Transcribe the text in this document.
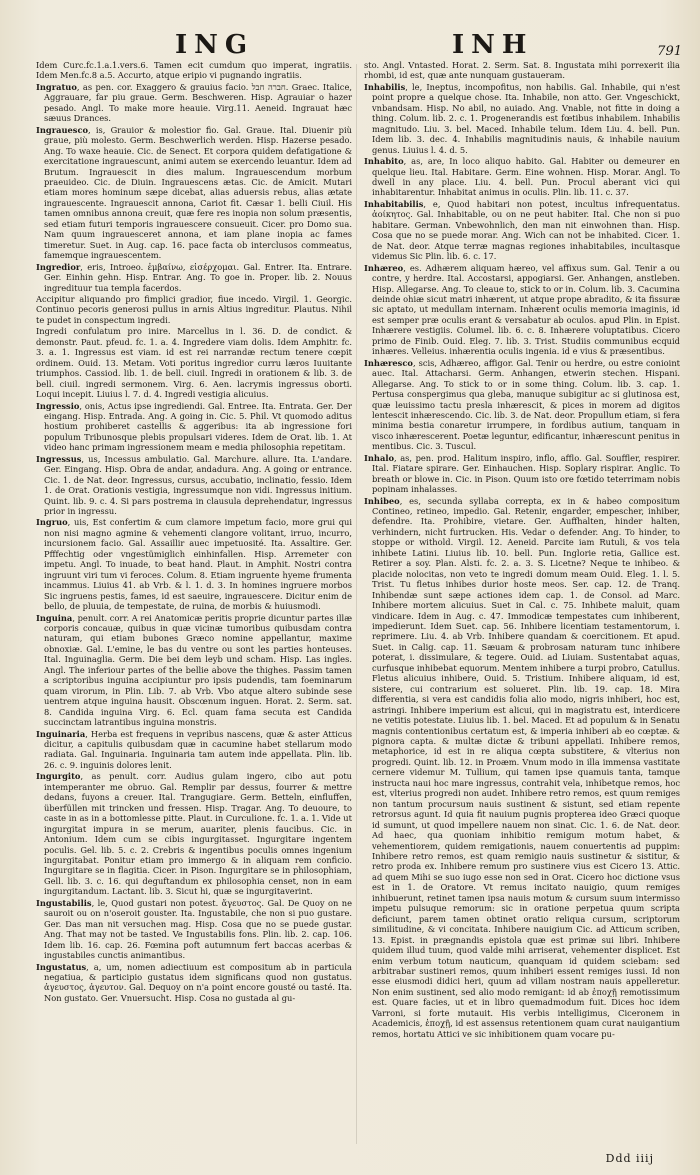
ING	INH	791

Idem Curc.fc.1.a.1.vers.6. Tamen ecit cumdum quo imperat, ingratiis. Idem Men.fc.8 a.5. Accurto, atque eripio vi pugnando ingratiis.

Ingratuo, as pen. cor. Exaggero & grauius facio. חברה חבל. Graec. Italice, Aggrauare, far piu graue. Germ. Beschweren. Hisp. Agrauiar o hazer pesado. Angl. To make more heauie. Virg.11. Aeneid. Ingrauat hæc sæuus Drances.

Ingrauesco, is, Grauior & molestior fio. Gal. Graue. Ital. Diuenir più graue, più molesto. Germ. Beschwerlich werden. Hisp. Hazerse pesado. Ang. To waxe heauie. Cic. de Senect. Et corpora quidem defatigatione & exercitatione ingrauescunt, animi autem se exercendo leuantur. Idem ad Brutum. Ingrauescit in dies malum. Ingrauescendum morbum praeuideo. Cic. de Diuin. Ingrauescens ætas. Cic. de Amicit. Mutari etiam mores hominum sæpe dicebat, alias aduersis rebus, alias ætate ingrauescente. Ingrauescit annona, Cariot fit. Cæsar 1. belli Ciuil. His tamen omnibus annona creuit, quæ fere res inopia non solum præsentis, sed etiam futuri temporis ingrauescere consueuit. Cicer. pro Domo sua. Nam quum ingrauesceret annona, et iam plane inopia ac fames timeretur. Suet. in Aug. cap. 16. pace facta ob interclusos commeatus, famemque ingrauescentem.

Ingredior, eris, Introeo. ἐμβαίνω, εἰσέρχομαι. Gal. Entrer. Ita. Entrare. Ger. Einhin gehn. Hisp. Entrar. Ang. To goe in. Proper. lib. 2. Nouus ingredituur tua templa facerdos.

Accipitur aliquando pro fimplici gradior, fiue incedo. Virgil. 1. Georgic. Continuo pecoris generosi pullus in arnis Altius ingreditur. Plautus. Nihil te pudet in conspectum ingredi.

Ingredi confulatum pro inire. Marcellus in l. 36. D. de condict. & demonstr. Paut. pfeud. fc. 1. a. 4. Ingredere viam dolis. Idem Amphitr. fc. 3. a. 1. Ingressus est viam. id est rei narrandæ rectum tenere cœpit ordinem. Ouid. 13. Metam. Voti poritus ingredior curru læros Iuuitante triumphos. Cassiod. lib. 1. de bell. ciuil. Ingredi in orationem & lib. 3. de bell. ciuil. ingredi sermonem. Virg. 6. Aen. lacrymis ingressus oborti. Loqui incepit. Liuius l. 7. d. 4. Ingredi vestigia alicuius.

Ingressio, onis, Actus ipse ingrediendi. Gal. Entree. Ita. Entrata. Ger. Der eingang. Hisp. Entrada. Ang. A going in. Cic. 5. Phil. Vt quomodo aditus hostium prohiberet castellis & aggeribus: ita ab ingressione fori populum Tribunosque plebis propulsari videres. Idem de Orat. lib. 1. At video hanc primam ingressionem meam e media philosophia repetitam.

Ingressus, us, Incessus ambulatio. Gal. Marchure. allure. Ita. L'andare. Ger. Eingang. Hisp. Obra de andar, andadura. Ang. A going or entrance. Cic. 1. de Nat. deor. Ingressus, cursus, accubatio, inclinatio, fessio. Idem 1. de Orat. Orationis vestigia, ingressumque non vidi. Ingressus initium. Quint. lib. 9. c. 4. Si pars postrema in clausula deprehendatur, ingressus prior in ingressu.

Ingruo, uis, Est confertim & cum clamore impetum facio, more grui qui non nisi magno agmine & vehementi clangore volitant, irruo, incurro, incursionem facio. Gal. Assaillir auec impetuosité. Ita. Assaltire. Ger. Pfffechtig oder vngestümiglich einhinfallen. Hisp. Arremeter con impetu. Angl. To inuade, to beat hand. Plaut. in Amphit. Nostri contra ingruunt viri tum vi feroces. Colum. 8. Etiam ingruente hyeme frumenta incammus. Liuius 41. ab Vrb. & l. 1. d. 3. In homines ingruere morbos Sic ingruens pestis, fames, id est saeuire, ingrauescere. Dicitur enim de bello, de pluuia, de tempestate, de ruina, de morbis & huiusmodi.

Inguina, penult. corr. A rei Anatomicæ peritis proprie dicuntur partes illæ corporis concauæ, quibus in quæ vicinæ tumoribus quibusdam contra naturam, qui etiam bubones Græco nomine appellantur, maxime obnoxiæ. Gal. L'emine, le bas du ventre ou sont les parties honteuses. Ital. Inguinaglia. Germ. Die bei dem leyb und scham. Hisp. Las ingles. Angl. The inferiour partes of the bellie above the thighes. Passim tamen a scriptoribus inguina accipiuntur pro ipsis pudendis, tam foeminarum quam virorum, in Plin. Lib. 7. ab Vrb. Vbo atque altero subinde sese uentrem atque inguina hausit. Obscœnum inguen. Horat. 2. Serm. sat. 8. Candida inguina Virg. 6. Ecl. quam fama secuta est Candida succinctam latrantibus inguina monstris.

Inguinaria, Herba est frequens in vepribus nascens, quæ & aster Atticus dicitur, a capitulis quibusdam quæ in cacumine habet stellarum modo radiata. Gal. Inguinaria. Inguinaria tam autem inde appellata. Plin. lib. 26. c. 9. inguinis dolores lenit.

Ingurgito, as penult. corr. Audius gulam ingero, cibo aut potu intemperanter me obruo. Gal. Remplir par dessus, fourrer & mettre dedans, fuyons a creuer. Ital. Trangugiare. Germ. Betteln, einfluffen, überfüllen mit trincken und fressen. Hisp. Tragar. Ang. To deuoure, to caste in as in a bottomlesse pitte. Plaut. in Curculione. fc. 1. a. 1. Vide ut ingurgitat impura in se merum, auariter, plenis faucibus. Cic. in Antonium. Idem cum se cibis ingurgitasset. Ingurgitare ingentem poculis. Gel. lib. 5. c. 2. Crebris & ingentibus poculis omnes ingenium ingurgitabat. Ponitur etiam pro immergo & in aliquam rem conficio. Ingurgitare se in flagitia. Cicer. in Pison. Ingurgitare se in philosophiam, Gell. lib. 3. c. 16. qui deguftandum ex philosophia censet, non in eam ingurgitandum. Lactant. lib. 3. Sicut hi, quæ se ingurgitaverint.

Ingustabilis, le, Quod gustari non potest. ἄγευστος. Gal. De Quoy on ne sauroit ou on n'oseroit gouster. Ita. Ingustabile, che non si puo gustare. Ger. Das man nit versuchen mag. Hisp. Cosa que no se puede gustar. Ang. That may not be tasted. Ve Ingustabilis fons. Plin. lib. 2. cap. 106. Idem lib. 16. cap. 26. Fœmina poft autumnum fert baccas acerbas & ingustabiles cunctis animantibus.

Ingustatus, a, um, nomen adiectiuum est compositum ab in particula negatiua, & participio gustatus idem significans quod non gustatus. ἀγευστος, ἀγευτον. Gal. Dequoy on n'a point encore gousté ou tasté. Ita. Non gustato. Ger. Vnuersucht. Hisp. Cosa no gustada al gu-

sto. Angl. Vntasted. Horat. 2. Serm. Sat. 8. Ingustata mihi porrexerit ilia rhombi, id est, quæ ante nunquam gustaueram.

Inhabilis, le, Ineptus, incompofitus, non habilis. Gal. Inhabile, qui n'est point propre a quelque chose. Ita. Inhabile, non atto. Ger. Vngeschickt, vnbandsam. Hisp. No abil, no auiado. Ang. Vnable, not fitte in doing a thing. Colum. lib. 2. c. 1. Progenerandis est fœtibus inhabilem. Inhabilis magnitudo. Liu. 3. bel. Maced. Inhabile telum. Idem Liu. 4. bell. Pun. Idem lib. 3. dec. 4. Inhabilis magnitudinis nauis, & inhabile nauium genus. Liuius l. 4. d. 5.

Inhabito, as, are, In loco aliquo habito. Gal. Habiter ou demeurer en quelque lieu. Ital. Habitare. Germ. Eine wohnen. Hisp. Morar. Angl. To dwell in any place. Liu. 4. bell. Pun. Procul aberant vici qui inhabitarentur. Inhabitat animus in oculis. Plin. lib. 11. c. 37.

Inhabitabilis, e, Quod habitari non potest, incultus infrequentatus. ἀοίκητος. Gal. Inhabitable, ou on ne peut habiter. Ital. Che non si puo habitare. German. Vnbewohnlich, den man nit einwohnen than. Hisp. Cosa que no se puede morar. Ang. Wich can not be inhabited. Cicer. 1. de Nat. deor. Atque terræ magnas regiones inhabitabiles, incultasque videmus Sic Plin. lib. 6. c. 17.

Inhæreo, es. Adhærem aliquam hæreo, vel affixus sum. Gal. Tenir a ou contre, y herdre. Ital. Accostarsi, appogiarsi. Ger. Anhangen, anstleben. Hisp. Allegarse. Ang. To cleaue to, stick to or in. Colum. lib. 3. Cacumina deinde ohiæ sicut matri inhærent, ut atque prope abradito, & ita fissuræ sic aptato, ut medullam internam. Inhærent oculis memoria imaginis, id est semper præ oculis erant & versabatur ab oculos. apud Plin. in Epist. Inhærere vestigiis. Columel. lib. 6. c. 8. Inhærere voluptatibus. Cicero primo de Finib. Ouid. Eleg. 7. lib. 3. Trist. Studiis communibus ecquid inhæres. Velleius. inhærentia oculis ingenia. id e vius & præsentibus.

Inhæresco, scis, Adhæreo, affigor. Gal. Tenir ou herdre, ou estre conioint auec. Ital. Attacharsi. Germ. Anhangen, etwerin stechen. Hispani. Allegarse. Ang. To stick to or in some thing. Colum. lib. 3. cap. 1. Pertusa conspergimus qua gleba, manuque subigitur ac si glutinosa est, quæ leuissimo tactu presla inhærescit, & pices in morem ad digitos lentescit inhærescendo. Cic. lib. 3. de Nat. deor. Propullum etiam, si fera minima bestia conaretur irrumpere, in fordibus autium, tanquam in visco inhærescerent. Poetæ leguntur, edificantur, inhærescunt penitus in mentibus. Cic. 3. Tuscul.

Inhalo, as, pen. prod. Halitum inspiro, inflo, afflo. Gal. Souffler, respirer. Ital. Fiatare spirare. Ger. Einhauchen. Hisp. Soplary rispirar. Anglic. To breath or blowe in. Cic. in Pison. Quum isto ore fœtido teterrimam nobis popinam inhalasses.

Inhibeo, es, secunda syllaba correpta, ex in & habeo compositum Contineo, retineo, impedio. Gal. Retenir, engarder, empescher, inhiber, defendre. Ita. Prohibire, vietare. Ger. Auffhalten, hinder halten, verhindern, nicht furtrucken. His. Vedar o defender. Ang. To hinder, to stoppe or withold. Virgil. 12. Aeneid. Parcite iam Rutuli, & vos tela inhibete Latini. Liuius lib. 10. bell. Pun. Inglorie retia, Gallice est. Retirer a soy. Plan. Alsti. fc. 2. a. 3. S. Licetne? Neque te inhibeo. & placide nolocitas, non veto te ingredi domum meam Ouid. Eleg. 1. l. 5. Trist. Tu fletus inhibes durior hoste meos. Ser. cap. 12. de Tranq. Inhibendæ sunt sæpe actiones idem cap. 1. de Consol. ad Marc. Inhibere mortem alicuius. Suet in Cal. c. 75. Inhibete maluit, quam vindicare. Idem in Aug. c. 47. Immodicæ tempestates cum inhiberent, impedierunt. Idem Suet. cap. 56. Inhibere licentiam testamentorum, i. reprimere. Liu. 4. ab Vrb. Inhibere quandam & coercitionem. Et apud. Suet. in Calig. cap. 11. Sæuam & probrosam naturam tunc inhibere poterat, i. dissimulare, & tegere. Ouid. ad Liuiam. Sustentabat aquas, curfusque inhibebat equorum. Mentem inhibere a turpi probro, Catullus. Fletus alicuius inhibere, Ouid. 5. Tristium. Inhibere aliquam, id est, sistere, cui contrarium est solueret. Plin. lib. 19. cap. 18. Mira differentia, si vera est candidis folia alio modo, nigris inhiberi, hoc est, astringi. Inhibere imperium est alicui, qui in magistratu est, interdicere ne vetitis potestate. Liuius lib. 1. bel. Maced. Et ad populum & in Senatu magnis contentionibus certatum est, & imperia inhiberi ab eo cœptæ. & pignora capta. & multæ dictæ & tribuni appellati. Inhibere remos, metaphorice, id est in re aliqua cœpta substitere, & vlterius non progredi. Quint. lib. 12. in Proæm. Vnum modo in illa immensa vastitate cernere videmur M. Tullium, qui tamen ipse quamuis tanta, tamque instructa naui hoc mare ingressus, contrahit vela, inhibetque remos, hoc est, vlterius progredi non audet. Inhibere retro remos, est quum remiges non tantum procursum nauis sustinent & sistunt, sed etiam repente retrorsus agunt. Id quia fit nauium pugnis propterea ideo Græci quoque id sumunt, ut quod impellere nauem non sinat. Cic. 1. 6. de Nat. deor. Ad haec, qua quoniam inhibitio remigum motum habet, & vehementiorem, quidem remigationis, nauem conuertentis ad puppim: Inhibere retro remos, est quam remigio nauis sustinetur & sistitur, & retro proda ex. Inhibere remum pro sustinere vius est Cicero 13. Attic. ad quem Mihi se suo iugo esse non sed in Orat. Cicero hoc dictione vsus est in 1. de Oratore. Vt remus incitato nauigio, quum remiges inhibuerunt, retinet tamen ipsa nauis motum & cursum suum intermisso impetu pulsuque remorum: sic in oratione perpetua quum scripta deficiunt, parem tamen obtinet oratio reliqua cursum, scriptorum similitudine, & vi concitata. Inhibere nauigium Cic. ad Atticum scriben, 13. Epist. in prægnandis epistola quæ est primæ sui libri. Inhibere quidem illud tuum, quod valde mihi arriserat, vehementer displicet. Est enim verbum totum nauticum, quanquam id quidem sciebam: sed arbitrabar sustineri remos, quum inhiberi essent remiges iussi. Id non esse eiusmodi didici heri, quum ad villam nostram nauis appelleretur. Non enim sustinent, sed alio modo remigant: id ab ἐποχῇ remotissimum est. Quare facies, ut et in libro quemadmodum fuit. Dices hoc idem Varroni, si forte mutauit. His verbis intelligimus, Ciceronem in Academicis, ἐποχῇ, id est assensus retentionem quam curat nauigantium remos, hortatu Attici ve sic inhibitionem quam vocare pu-

Ddd iiij
